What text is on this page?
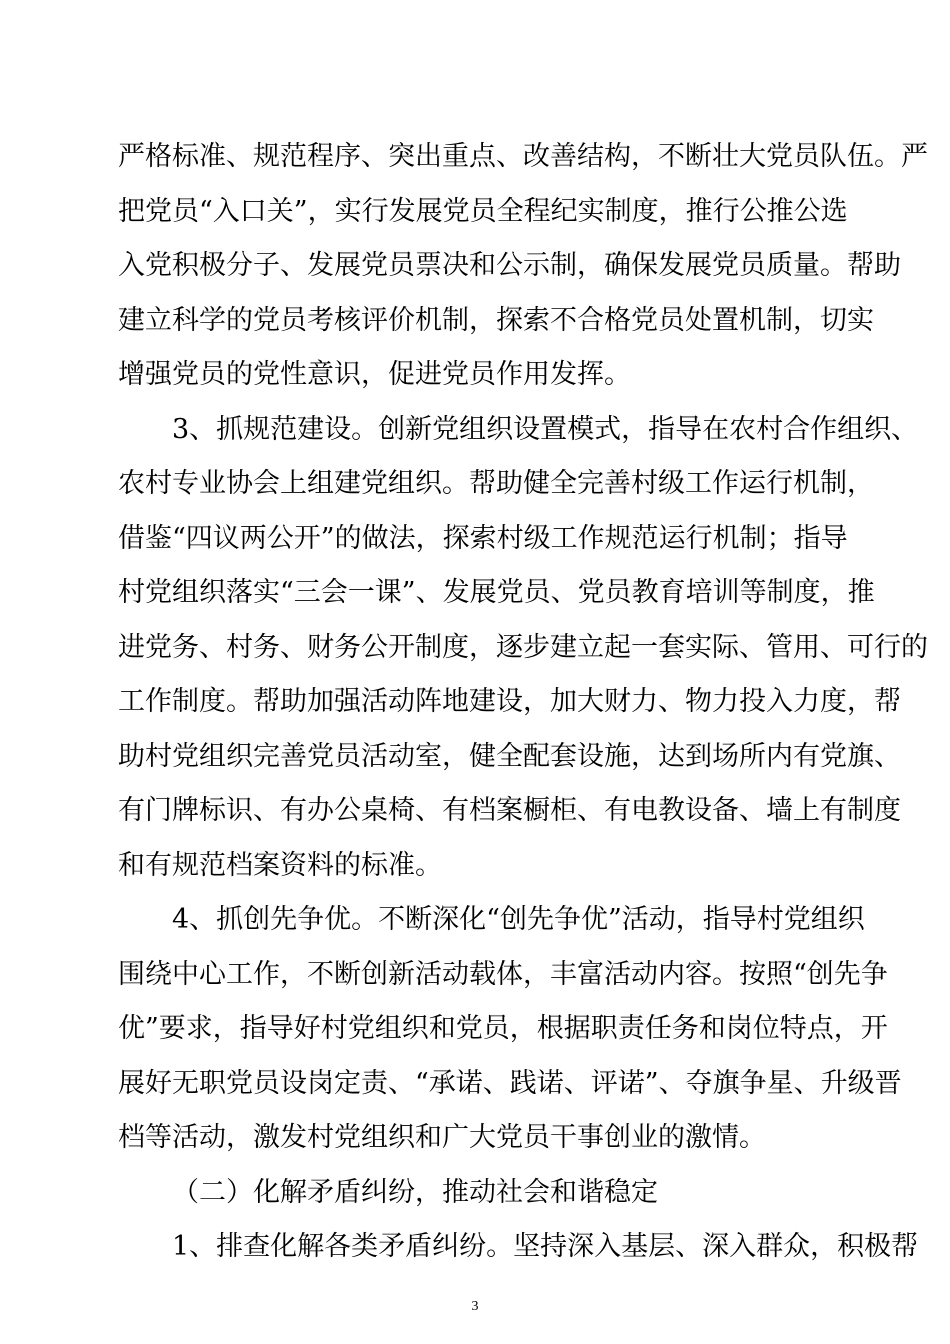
严格标准、规范程序、突出重点、改善结构，不断壮大党员队伍。严
把党员“入口关”，实行发展党员全程纪实制度，推行公推公选
入党积极分子、发展党员票决和公示制，确保发展党员质量。帮助
建立科学的党员考核评价机制，探索不合格党员处置机制，切实
增强党员的党性意识，促进党员作用发挥。
3、抓规范建设。创新党组织设置模式，指导在农村合作组织、
农村专业协会上组建党组织。帮助健全完善村级工作运行机制，
借鉴“四议两公开”的做法，探索村级工作规范运行机制；指导
村党组织落实“三会一课”、发展党员、党员教育培训等制度，推
进党务、村务、财务公开制度，逐步建立起一套实际、管用、可行的
工作制度。帮助加强活动阵地建设，加大财力、物力投入力度，帮
助村党组织完善党员活动室，健全配套设施，达到场所内有党旗、
有门牌标识、有办公桌椅、有档案橱柜、有电教设备、墙上有制度
和有规范档案资料的标准。
4、抓创先争优。不断深化“创先争优”活动，指导村党组织
围绕中心工作，不断创新活动载体，丰富活动内容。按照“创先争
优”要求，指导好村党组织和党员，根据职责任务和岗位特点，开
展好无职党员设岗定责、“承诺、践诺、评诺”、夺旗争星、升级晋
档等活动，激发村党组织和广大党员干事创业的激情。
（二）化解矛盾纠纷，推动社会和谐稳定
1、排查化解各类矛盾纠纷。坚持深入基层、深入群众，积极帮
3
